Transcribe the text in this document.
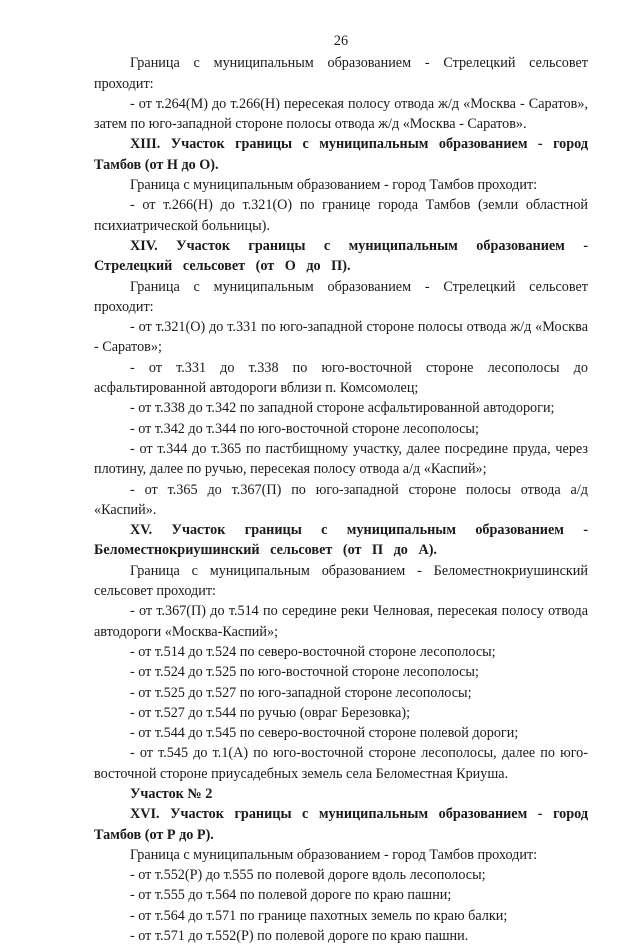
26

Граница с муниципальным образованием - Стрелецкий сельсовет проходит:

- от т.264(М) до т.266(Н) пересекая полосу отвода ж/д «Москва - Саратов», затем по юго-западной стороне полосы отвода ж/д «Москва - Саратов».

XIII. Участок границы с муниципальным образованием - город Тамбов (от Н до О).

Граница с муниципальным образованием - город Тамбов проходит:

- от т.266(Н) до т.321(О) по границе города Тамбов (земли областной психиатрической больницы).

XIV. Участок границы с муниципальным образованием - Стрелецкий сельсовет (от О до П).

Граница с муниципальным образованием - Стрелецкий сельсовет проходит:

- от т.321(О) до т.331 по юго-западной стороне полосы отвода ж/д «Москва - Саратов»;

- от т.331 до т.338 по юго-восточной стороне лесополосы до асфальтированной автодороги вблизи п. Комсомолец;

- от т.338 до т.342 по западной стороне асфальтированной автодороги;

- от т.342 до т.344 по юго-восточной стороне лесополосы;

- от т.344 до т.365 по пастбищному участку, далее посредине пруда, через плотину, далее по ручью, пересекая полосу отвода а/д «Каспий»;

- от т.365 до т.367(П) по юго-западной стороне полосы отвода а/д «Каспий».

XV. Участок границы с муниципальным образованием - Беломестнокриушинский сельсовет (от П до А).

Граница с муниципальным образованием - Беломестнокриушинский сельсовет проходит:

- от т.367(П) до т.514 по середине реки Челновая, пересекая полосу отвода автодороги «Москва-Каспий»;

- от т.514 до т.524 по северо-восточной стороне лесополосы;

- от т.524 до т.525 по юго-восточной стороне лесополосы;

- от т.525 до т.527 по юго-западной стороне лесополосы;

- от т.527 до т.544 по ручью (овраг Березовка);

- от т.544 до т.545 по северо-восточной стороне полевой дороги;

- от т.545 до т.1(А) по юго-восточной стороне лесополосы, далее по юго-восточной стороне приусадебных земель села Беломестная Криуша.

Участок № 2

XVI. Участок границы с муниципальным образованием - город Тамбов (от Р до Р).

Граница с муниципальным образованием - город Тамбов проходит:

- от т.552(Р) до т.555 по полевой дороге вдоль лесополосы;

- от т.555 до т.564 по полевой дороге по краю пашни;

- от т.564 до т.571 по границе пахотных земель по краю балки;

- от т.571 до т.552(Р) по полевой дороге по краю пашни.
